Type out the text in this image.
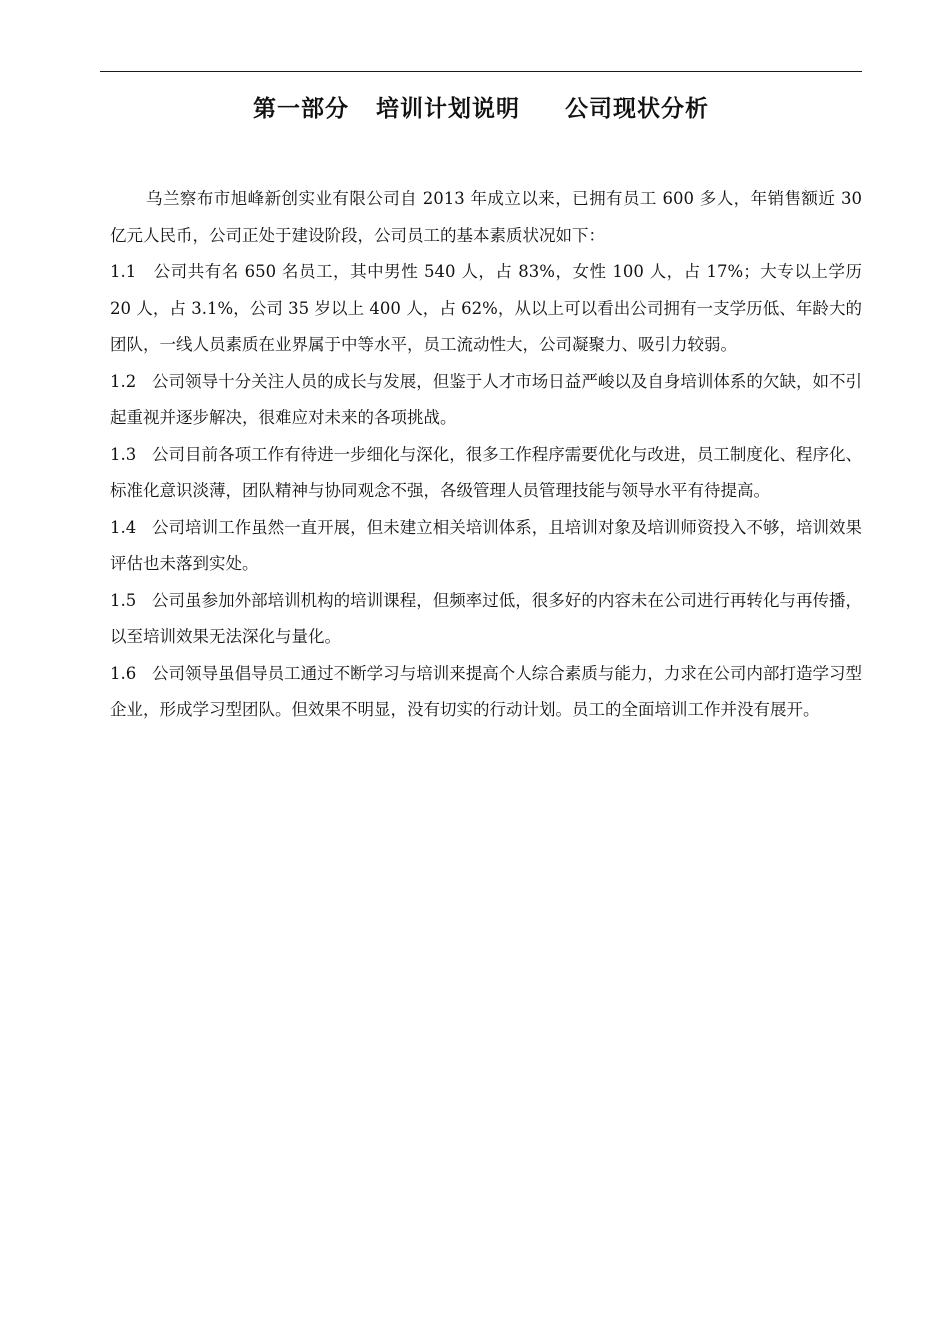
第一部分 培训计划说明 公司现状分析

乌兰察布市旭峰新创实业有限公司自 2013 年成立以来，已拥有员工 600 多人，年销售额近 30 亿元人民币，公司正处于建设阶段，公司员工的基本素质状况如下：

1.1 公司共有名 650 名员工，其中男性 540 人，占 83%，女性 100 人，占 17%；大专以上学历 20 人，占 3.1%，公司 35 岁以上 400 人，占 62%，从以上可以看出公司拥有一支学历低、年龄大的团队，一线人员素质在业界属于中等水平，员工流动性大，公司凝聚力、吸引力较弱。

1.2 公司领导十分关注人员的成长与发展，但鉴于人才市场日益严峻以及自身培训体系的欠缺，如不引起重视并逐步解决，很难应对未来的各项挑战。

1.3 公司目前各项工作有待进一步细化与深化，很多工作程序需要优化与改进，员工制度化、程序化、标准化意识淡薄，团队精神与协同观念不强，各级管理人员管理技能与领导水平有待提高。

1.4 公司培训工作虽然一直开展，但未建立相关培训体系，且培训对象及培训师资投入不够，培训效果评估也未落到实处。

1.5 公司虽参加外部培训机构的培训课程，但频率过低，很多好的内容未在公司进行再转化与再传播，以至培训效果无法深化与量化。

1.6 公司领导虽倡导员工通过不断学习与培训来提高个人综合素质与能力，力求在公司内部打造学习型企业，形成学习型团队。但效果不明显，没有切实的行动计划。员工的全面培训工作并没有展开。
